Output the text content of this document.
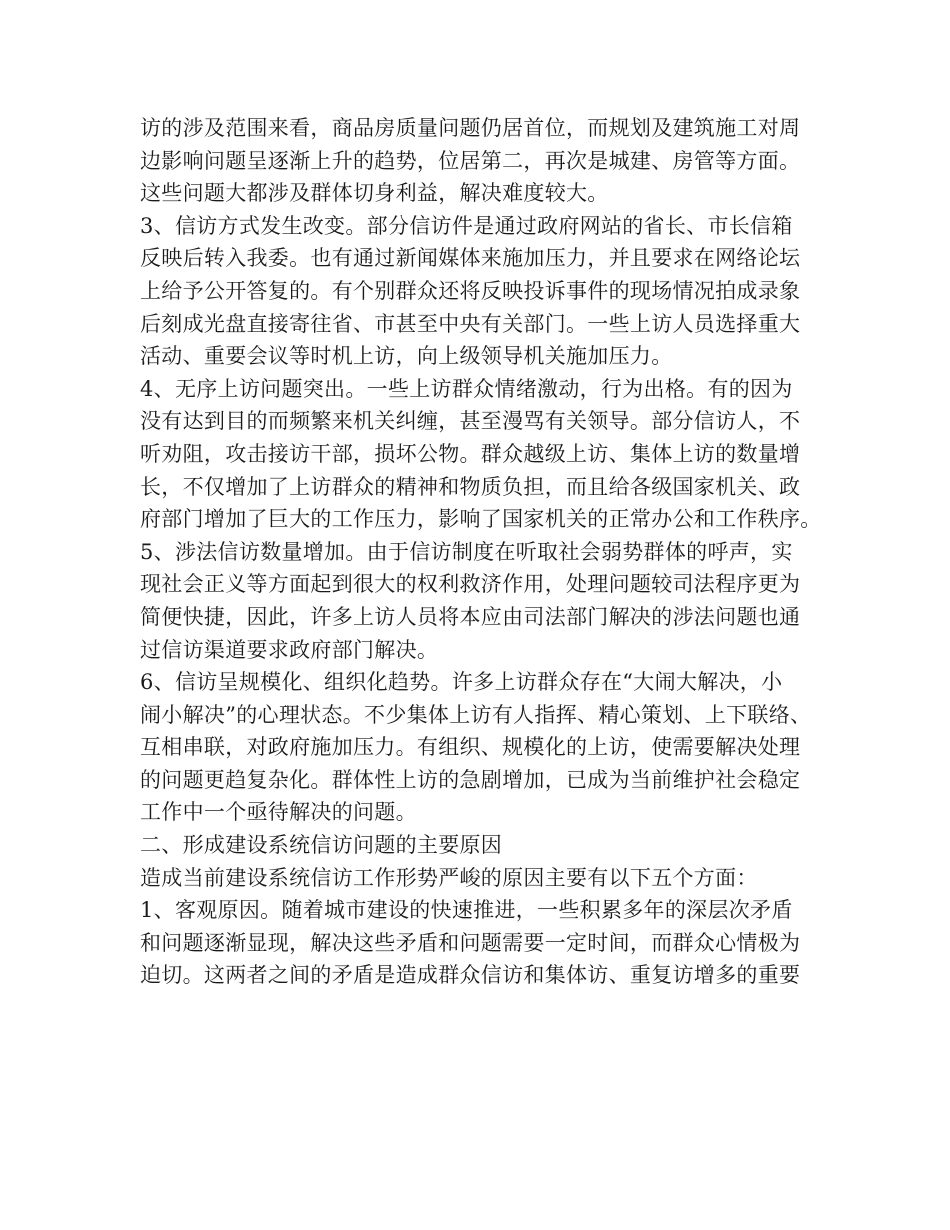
访的涉及范围来看，商品房质量问题仍居首位，而规划及建筑施工对周
边影响问题呈逐渐上升的趋势，位居第二，再次是城建、房管等方面。
这些问题大都涉及群体切身利益，解决难度较大。
3、信访方式发生改变。部分信访件是通过政府网站的省长、市长信箱
反映后转入我委。也有通过新闻媒体来施加压力，并且要求在网络论坛
上给予公开答复的。有个别群众还将反映投诉事件的现场情况拍成录象
后刻成光盘直接寄往省、市甚至中央有关部门。一些上访人员选择重大
活动、重要会议等时机上访，向上级领导机关施加压力。
4、无序上访问题突出。一些上访群众情绪激动，行为出格。有的因为
没有达到目的而频繁来机关纠缠，甚至漫骂有关领导。部分信访人，不
听劝阻，攻击接访干部，损坏公物。群众越级上访、集体上访的数量增
长，不仅增加了上访群众的精神和物质负担，而且给各级国家机关、政
府部门增加了巨大的工作压力，影响了国家机关的正常办公和工作秩序。
5、涉法信访数量增加。由于信访制度在听取社会弱势群体的呼声，实
现社会正义等方面起到很大的权利救济作用，处理问题较司法程序更为
简便快捷，因此，许多上访人员将本应由司法部门解决的涉法问题也通
过信访渠道要求政府部门解决。
6、信访呈规模化、组织化趋势。许多上访群众存在“大闹大解决，小
闹小解决”的心理状态。不少集体上访有人指挥、精心策划、上下联络、
互相串联，对政府施加压力。有组织、规模化的上访，使需要解决处理
的问题更趋复杂化。群体性上访的急剧增加，已成为当前维护社会稳定
工作中一个亟待解决的问题。
二、形成建设系统信访问题的主要原因
造成当前建设系统信访工作形势严峻的原因主要有以下五个方面：
1、客观原因。随着城市建设的快速推进，一些积累多年的深层次矛盾
和问题逐渐显现，解决这些矛盾和问题需要一定时间，而群众心情极为
迫切。这两者之间的矛盾是造成群众信访和集体访、重复访增多的重要
